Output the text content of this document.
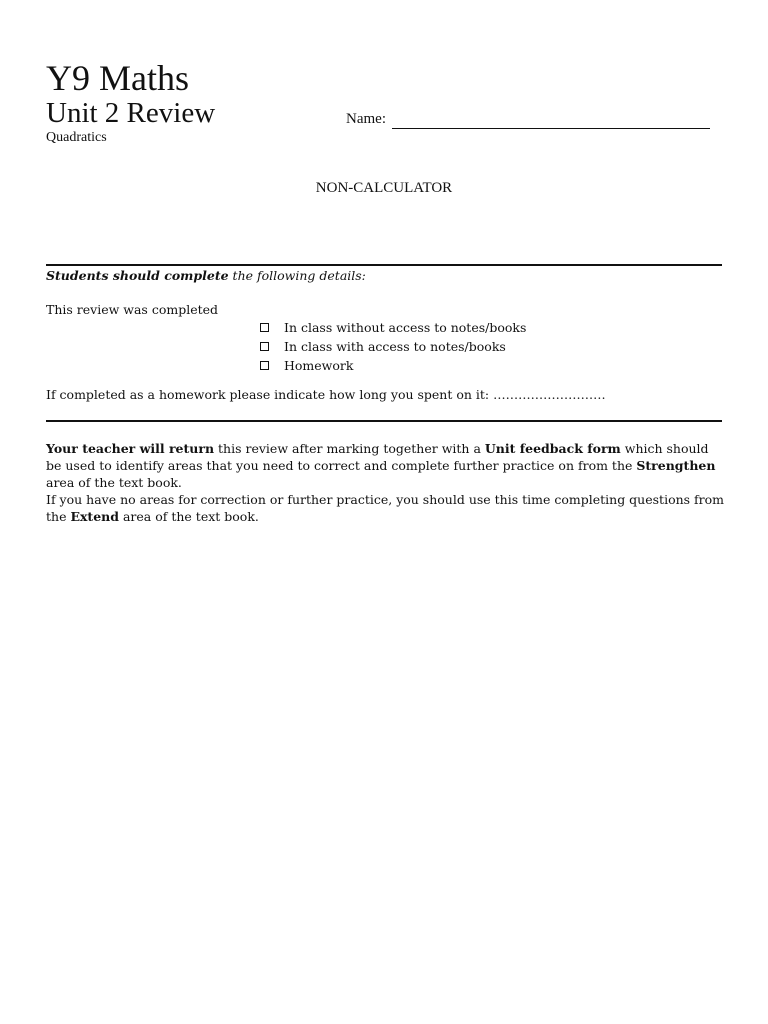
Y9 Maths
Unit 2 Review
Quadratics
Name:
NON-CALCULATOR
Students should complete the following details:
This review was completed
In class without access to notes/books
In class with access to notes/books
Homework
If completed as a homework please indicate how long you spent on it: ………………………

Your teacher will return this review after marking together with a Unit feedback form which should be used to identify areas that you need to correct and complete further practice on from the Strengthen area of the text book.

If you have no areas for correction or further practice, you should use this time completing questions from the Extend area of the text book.
